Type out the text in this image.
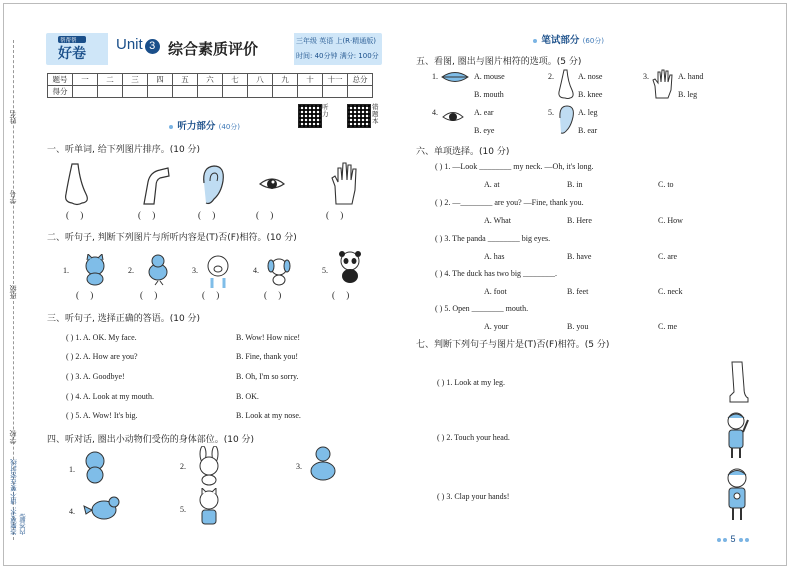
姓名
学号
班级
学校
答题要求: 请不要在密封线内答题!
帮帮帮
好卷
Unit 3 综合素质评价	三年级 英语 上(R·精通版)
时间: 40分钟 满分: 100分
题号	一	二	三	四	五	六	七	八	九	十	十一	总分
得分												
听力
错题本
听力部分 (40分)
一、听单词, 给下列图片排序。(10 分)
(     )	(     )	(     )	(     )	(     )
二、听句子, 判断下列图片与所听内容是(T)否(F)相符。(10 分)
1.	2.	3.	4.	5.
(     )	(     )	(     )	(     )	(     )
三、听句子, 选择正确的答语。(10 分)
( ) 1. A. OK. My face.	B. Wow! How nice!
( ) 2. A. How are you?	B. Fine, thank you!
( ) 3. A. Goodbye!	B. Oh, I'm so sorry.
( ) 4. A. Look at my mouth.	B. OK.
( ) 5. A. Wow! It's big.	B. Look at my nose.
四、听对话, 圈出小动物们受伤的身体部位。(10 分)
1.	2.	3.
4.	5.
笔试部分 (60分)
五、看图, 圈出与图片相符的选项。(5 分)
1.	A. mouse
B. mouth
2.	A. nose
B. knee
3.	A. hand
B. leg
4.	A. ear
B. eye
5.	A. leg
B. ear
六、单项选择。(10 分)
( ) 1. —Look ________ my neck. —Oh, it's long.
A. at	B. in	C. to
( ) 2. —________ are you? —Fine, thank you.
A. What	B. Here	C. How
( ) 3. The panda ________ big eyes.
A. has	B. have	C. are
( ) 4. The duck has two big ________.
A. foot	B. feet	C. neck
( ) 5. Open ________ mouth.
A. your	B. you	C. me
七、判断下列句子与图片是(T)否(F)相符。(5 分)
( ) 1. Look at my leg.
( ) 2. Touch your head.
( ) 3. Clap your hands!
5
